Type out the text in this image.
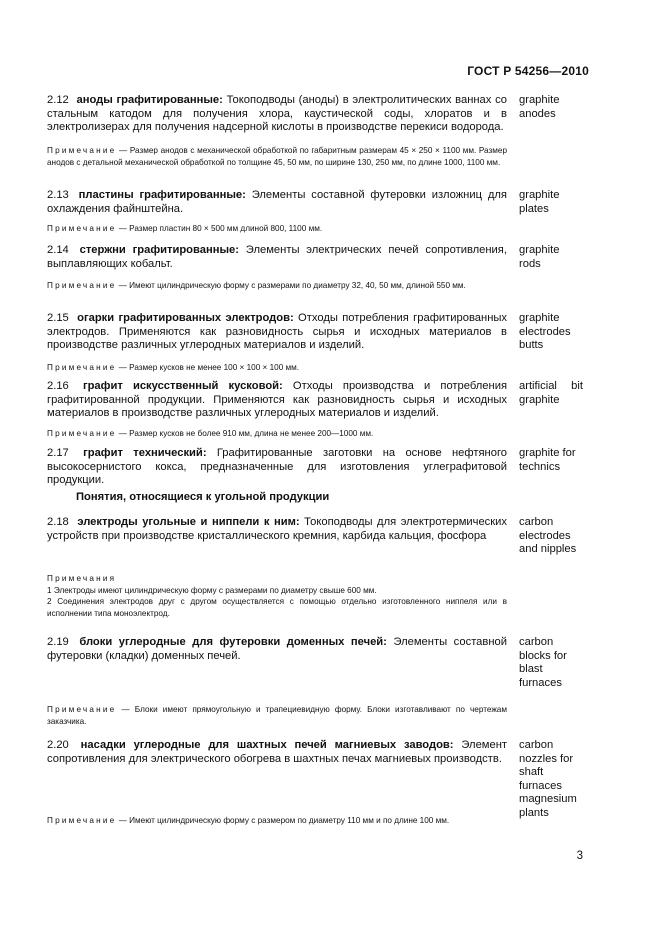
ГОСТ Р 54256—2010
2.12 аноды графитированные: Токоподводы (аноды) в электролитических ваннах со стальным катодом для получения хлора, каустической соды, хлоратов и в электролизерах для получения надсерной кислоты в производстве перекиси водорода.
graphite anodes
Примечание — Размер анодов с механической обработкой по габаритным размерам 45 × 250 × 1100 мм. Размер анодов с детальной механической обработкой по толщине 45, 50 мм, по ширине 130, 250 мм, по длине 1000, 1100 мм.
2.13 пластины графитированные: Элементы составной футеровки изложниц для охлаждения файнштейна.
graphite plates
Примечание — Размер пластин 80 × 500 мм длиной 800, 1100 мм.
2.14 стержни графитированные: Элементы электрических печей сопротивления, выплавляющих кобальт.
graphite rods
Примечание — Имеют цилиндрическую форму с размерами по диаметру 32, 40, 50 мм, длиной 550 мм.
2.15 огарки графитированных электродов: Отходы потребления графитированных электродов. Применяются как разновидность сырья и исходных материалов в производстве различных углеродных материалов и изделий.
graphite electrodes butts
Примечание — Размер кусков не менее 100 × 100 × 100 мм.
2.16 графит искусственный кусковой: Отходы производства и потребления графитированной продукции. Применяются как разновидность сырья и исходных материалов в производстве различных углеродных материалов и изделий.
artificial bit graphite
Примечание — Размер кусков не более 910 мм, длина не менее 200—1000 мм.
2.17 графит технический: Графитированные заготовки на основе нефтяного высокосернистого кокса, предназначенные для изготовления углеграфитовой продукции.
graphite for technics
Понятия, относящиеся к угольной продукции
2.18 электроды угольные и ниппели к ним: Токоподводы для электротермических устройств при производстве кристаллического кремния, карбида кальция, фосфора
carbon electrodes and nipples
Примечания
1 Электроды имеют цилиндрическую форму с размерами по диаметру свыше 600 мм.
2 Соединения электродов друг с другом осуществляется с помощью отдельно изготовленного ниппеля или в исполнении типа моноэлектрод.
2.19 блоки углеродные для футеровки доменных печей: Элементы составной футеровки (кладки) доменных печей.
carbon blocks for blast furnaces
Примечание — Блоки имеют прямоугольную и трапециевидную форму. Блоки изготавливают по чертежам заказчика.
2.20 насадки углеродные для шахтных печей магниевых заводов: Элемент сопротивления для электрического обогрева в шахтных печах магниевых производств.
carbon nozzles for shaft furnaces magnesium plants
Примечание — Имеют цилиндрическую форму с размером по диаметру 110 мм и по длине 100 мм.
3
